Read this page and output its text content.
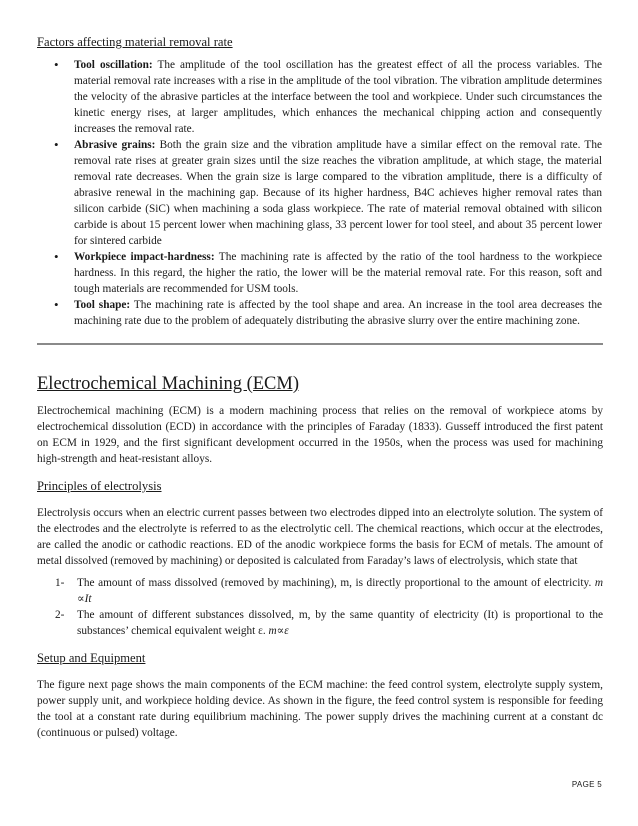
Factors affecting material removal rate

• Tool oscillation: The amplitude of the tool oscillation has the greatest effect of all the process variables. The material removal rate increases with a rise in the amplitude of the tool vibration. The vibration amplitude determines the velocity of the abrasive particles at the interface between the tool and workpiece. Under such circumstances the kinetic energy rises, at larger amplitudes, which enhances the mechanical chipping action and consequently increases the removal rate.
• Abrasive grains: Both the grain size and the vibration amplitude have a similar effect on the removal rate. The removal rate rises at greater grain sizes until the size reaches the vibration amplitude, at which stage, the material removal rate decreases. When the grain size is large compared to the vibration amplitude, there is a difficulty of abrasive renewal in the machining gap. Because of its higher hardness, B4C achieves higher removal rates than silicon carbide (SiC) when machining a soda glass workpiece. The rate of material removal obtained with silicon carbide is about 15 percent lower when machining glass, 33 percent lower for tool steel, and about 35 percent lower for sintered carbide
• Workpiece impact-hardness: The machining rate is affected by the ratio of the tool hardness to the workpiece hardness. In this regard, the higher the ratio, the lower will be the material removal rate. For this reason, soft and tough materials are recommended for USM tools.
• Tool shape: The machining rate is affected by the tool shape and area. An increase in the tool area decreases the machining rate due to the problem of adequately distributing the abrasive slurry over the entire machining zone.
Electrochemical Machining (ECM)

Electrochemical machining (ECM) is a modern machining process that relies on the removal of workpiece atoms by electrochemical dissolution (ECD) in accordance with the principles of Faraday (1833). Gusseff introduced the first patent on ECM in 1929, and the first significant development occurred in the 1950s, when the process was used for machining high-strength and heat-resistant alloys.

Principles of electrolysis

Electrolysis occurs when an electric current passes between two electrodes dipped into an electrolyte solution. The system of the electrodes and the electrolyte is referred to as the electrolytic cell. The chemical reactions, which occur at the electrodes, are called the anodic or cathodic reactions. ED of the anodic workpiece forms the basis for ECM of metals. The amount of metal dissolved (removed by machining) or deposited is calculated from Faraday’s laws of electrolysis, which state that

1- The amount of mass dissolved (removed by machining), m, is directly proportional to the amount of electricity. m ∝It
2- The amount of different substances dissolved, m, by the same quantity of electricity (It) is proportional to the substances’ chemical equivalent weight ε. m∝ε

Setup and Equipment

The figure next page shows the main components of the ECM machine: the feed control system, electrolyte supply system, power supply unit, and workpiece holding device. As shown in the figure, the feed control system is responsible for feeding the tool at a constant rate during equilibrium machining. The power supply drives the machining current at a constant dc (continuous or pulsed) voltage.

PAGE 5
